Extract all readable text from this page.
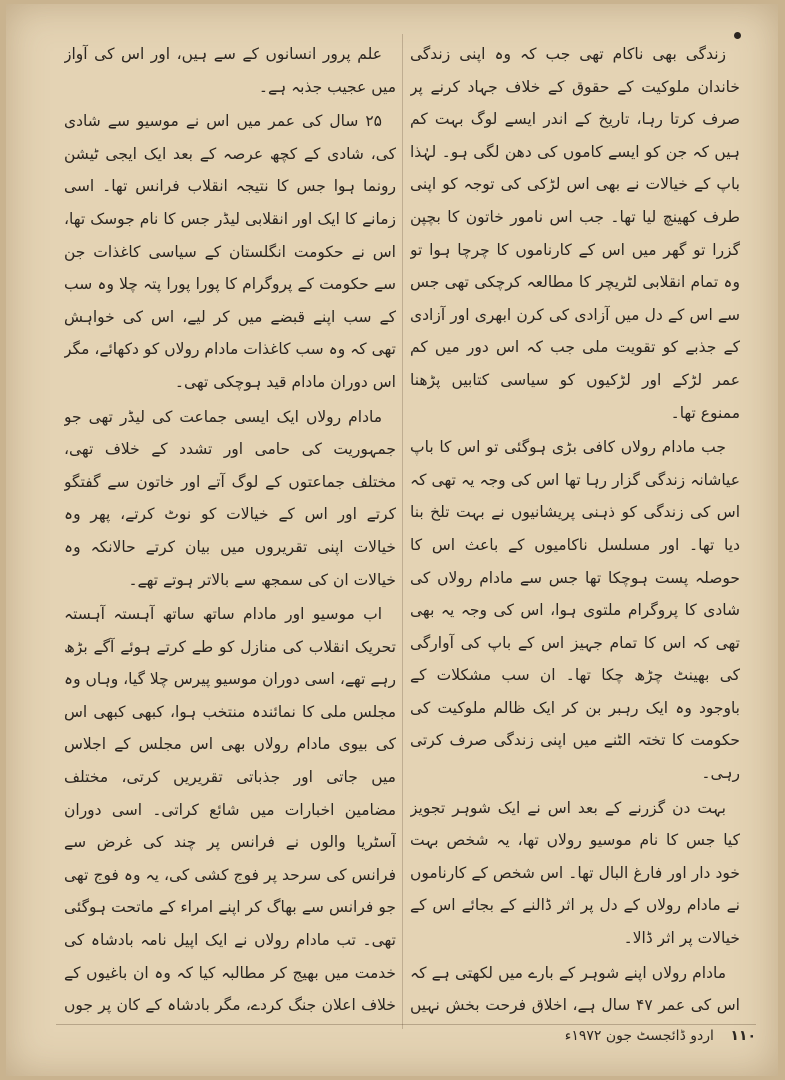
زندگی بھی ناکام تھی جب کہ وہ اپنی زندگی خاندان ملوکیت کے حقوق کے خلاف جہاد کرنے پر صرف کرتا رہا، تاریخ کے اندر ایسے لوگ بہت کم ہیں کہ جن کو ایسے کاموں کی دھن لگی ہو۔ لہٰذا باپ کے خیالات نے بھی اس لڑکی کی توجہ کو اپنی طرف کھینچ لیا تھا۔ جب اس نامور خاتون کا بچپن گزرا تو گھر میں اس کے کارناموں کا چرچا ہوا تو وہ تمام انقلابی لٹریچر کا مطالعہ کرچکی تھی جس سے اس کے دل میں آزادی کی کرن ابھری اور آزادی کے جذبے کو تقویت ملی جب کہ اس دور میں کم عمر لڑکے اور لڑکیوں کو سیاسی کتابیں پڑھنا ممنوع تھا۔

جب مادام رولاں کافی بڑی ہوگئی تو اس کا باپ عیاشانہ زندگی گزار رہا تھا اس کی وجہ یہ تھی کہ اس کی زندگی کو ذہنی پریشانیوں نے بہت تلخ بنا دیا تھا۔ اور مسلسل ناکامیوں کے باعث اس کا حوصلہ پست ہوچکا تھا جس سے مادام رولاں کی شادی کا پروگرام ملتوی ہوا، اس کی وجہ یہ بھی تھی کہ اس کا تمام جہیز اس کے باپ کی آوارگی کی بھینٹ چڑھ چکا تھا۔ ان سب مشکلات کے باوجود وہ ایک رہبر بن کر ایک ظالم ملوکیت کی حکومت کا تختہ الٹنے میں اپنی زندگی صرف کرتی رہی۔

بہت دن گزرنے کے بعد اس نے ایک شوہر تجویز کیا جس کا نام موسیو رولاں تھا، یہ شخص بہت خود دار اور فارغ البال تھا۔ اس شخص کے کارناموں نے مادام رولاں کے دل پر اثر ڈالنے کے بجائے اس کے خیالات پر اثر ڈالا۔

مادام رولاں اپنے شوہر کے بارے میں لکھتی ہے کہ اس کی عمر ۴۷ سال ہے، اخلاق فرحت بخش نہیں

علم پرور انسانوں کے سے ہیں، اور اس کی آواز میں عجیب جذبہ ہے۔

۲۵ سال کی عمر میں اس نے موسیو سے شادی کی، شادی کے کچھ عرصہ کے بعد ایک ایجی ٹیشن رونما ہوا جس کا نتیجہ انقلاب فرانس تھا۔ اسی زمانے کا ایک اور انقلابی لیڈر جس کا نام جوسک تھا، اس نے حکومت انگلستان کے سیاسی کاغذات جن سے حکومت کے پروگرام کا پورا پورا پتہ چلا وہ سب کے سب اپنے قبضے میں کر لیے، اس کی خواہش تھی کہ وہ سب کاغذات مادام رولاں کو دکھائے، مگر اس دوران مادام قید ہوچکی تھی۔

مادام رولاں ایک ایسی جماعت کی لیڈر تھی جو جمہوریت کی حامی اور تشدد کے خلاف تھی، مختلف جماعتوں کے لوگ آتے اور خاتون سے گفتگو کرتے اور اس کے خیالات کو نوٹ کرتے، پھر وہ خیالات اپنی تقریروں میں بیان کرتے حالانکہ وہ خیالات ان کی سمجھ سے بالاتر ہوتے تھے۔

اب موسیو اور مادام ساتھ ساتھ آہستہ آہستہ تحریک انقلاب کی منازل کو طے کرتے ہوئے آگے بڑھ رہے تھے، اسی دوران موسیو پیرس چلا گیا، وہاں وہ مجلس ملی کا نمائندہ منتخب ہوا، کبھی کبھی اس کی بیوی مادام رولاں بھی اس مجلس کے اجلاس میں جاتی اور جذباتی تقریریں کرتی، مختلف مضامین اخبارات میں شائع کراتی۔ اسی دوران آسٹریا والوں نے فرانس پر چند کی غرض سے فرانس کی سرحد پر فوج کشی کی، یہ وہ فوج تھی جو فرانس سے بھاگ کر اپنے امراء کے ماتحت ہوگئی تھی۔ تب مادام رولاں نے ایک اپیل نامہ بادشاہ کی خدمت میں بھیج کر مطالبہ کیا کہ وہ ان باغیوں کے خلاف اعلان جنگ کردے، مگر بادشاہ کے کان پر جوں

۱۱۰ اردو ڈائجسٹ جون ۱۹۷۲ء
